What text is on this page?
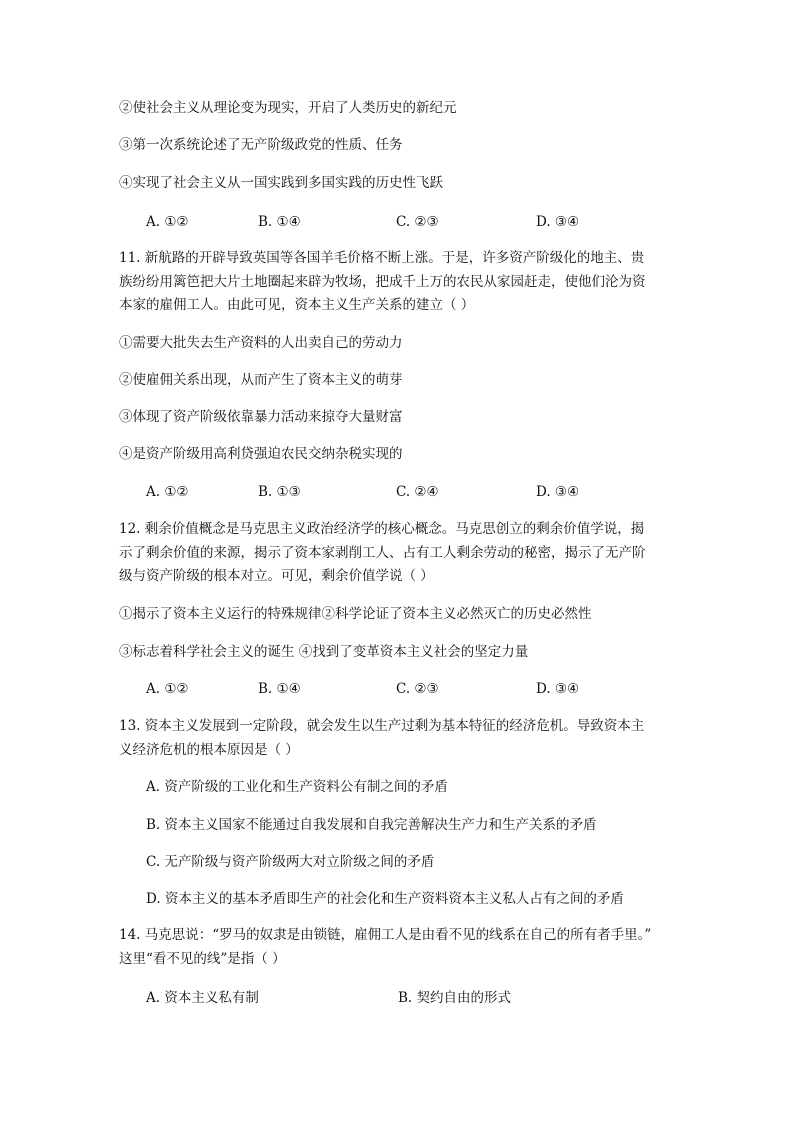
②使社会主义从理论变为现实，开启了人类历史的新纪元
③第一次系统论述了无产阶级政党的性质、任务
④实现了社会主义从一国实践到多国实践的历史性飞跃
A. ①②	B. ①④	C. ②③	D. ③④
11. 新航路的开辟导致英国等各国羊毛价格不断上涨。于是，许多资产阶级化的地主、贵
族纷纷用篱笆把大片土地圈起来辟为牧场，把成千上万的农民从家园赶走，使他们沦为资
本家的雇佣工人。由此可见，资本主义生产关系的建立（ ）
①需要大批失去生产资料的人出卖自己的劳动力
②使雇佣关系出现，从而产生了资本主义的萌芽
③体现了资产阶级依靠暴力活动来掠夺大量财富
④是资产阶级用高利贷强迫农民交纳杂税实现的
A. ①②	B. ①③	C. ②④	D. ③④
12. 剩余价值概念是马克思主义政治经济学的核心概念。马克思创立的剩余价值学说，揭
示了剩余价值的来源，揭示了资本家剥削工人、占有工人剩余劳动的秘密，揭示了无产阶
级与资产阶级的根本对立。可见，剩余价值学说（ ）
①揭示了资本主义运行的特殊规律②科学论证了资本主义必然灭亡的历史必然性
③标志着科学社会主义的诞生 ④找到了变革资本主义社会的坚定力量
A. ①②	B. ①④	C. ②③	D. ③④
13. 资本主义发展到一定阶段，就会发生以生产过剩为基本特征的经济危机。导致资本主
义经济危机的根本原因是（ ）
A. 资产阶级的工业化和生产资料公有制之间的矛盾
B. 资本主义国家不能通过自我发展和自我完善解决生产力和生产关系的矛盾
C. 无产阶级与资产阶级两大对立阶级之间的矛盾
D. 资本主义的基本矛盾即生产的社会化和生产资料资本主义私人占有之间的矛盾
14. 马克思说：“罗马的奴隶是由锁链，雇佣工人是由看不见的线系在自己的所有者手里。”
这里“看不见的线”是指（ ）
A. 资本主义私有制	B. 契约自由的形式
